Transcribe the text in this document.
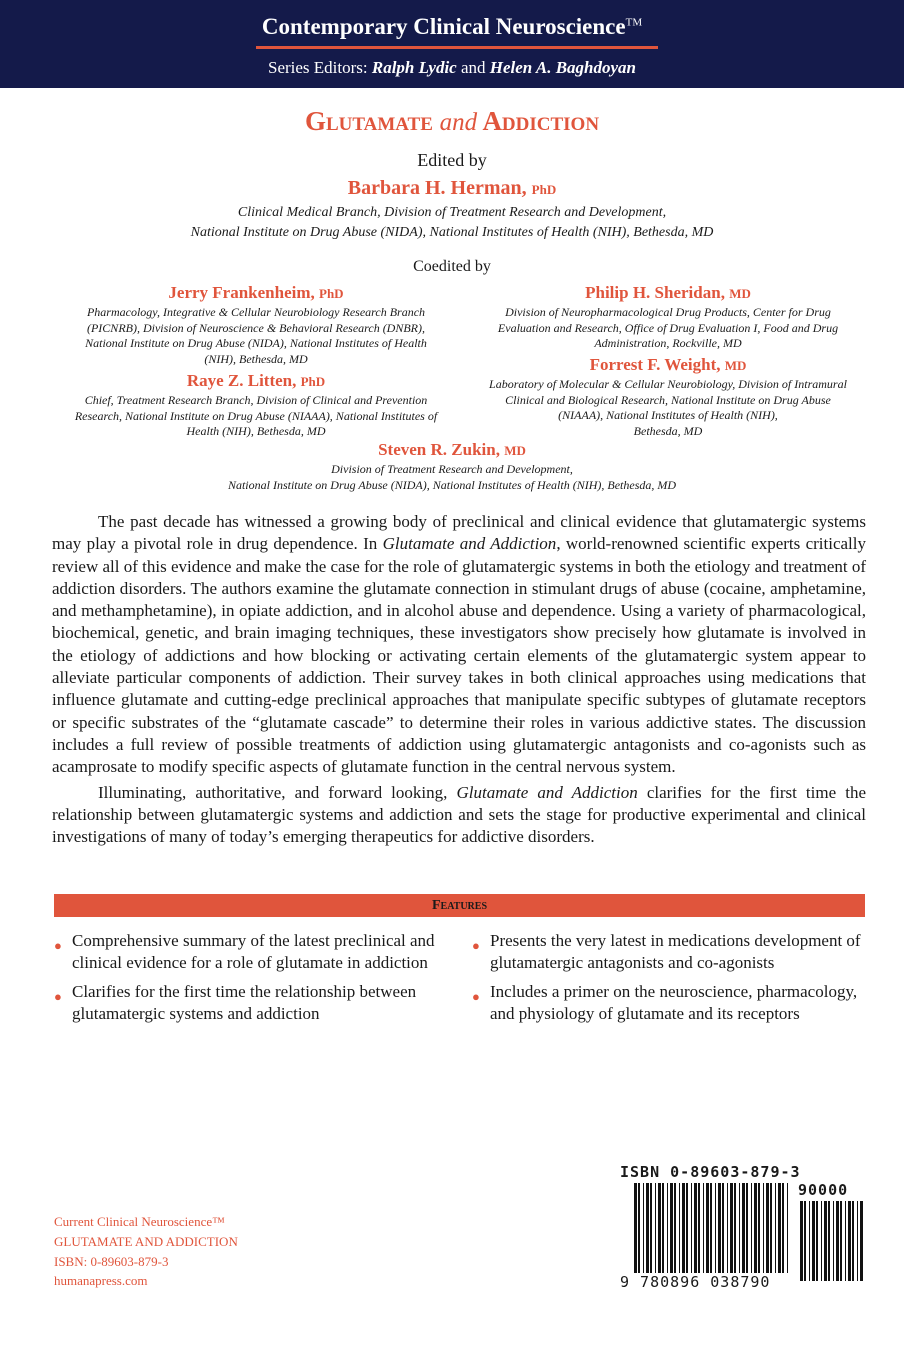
Contemporary Clinical Neuroscience™
Series Editors: Ralph Lydic and Helen A. Baghdoyan
Glutamate and Addiction
Edited by
Barbara H. Herman, PhD
Clinical Medical Branch, Division of Treatment Research and Development,
National Institute on Drug Abuse (NIDA), National Institutes of Health (NIH), Bethesda, MD
Coedited by
Jerry Frankenheim, PhD
Pharmacology, Integrative & Cellular Neurobiology Research Branch
(PICNRB), Division of Neuroscience & Behavioral Research (DNBR),
National Institute on Drug Abuse (NIDA), National Institutes of Health
(NIH), Bethesda, MD
Raye Z. Litten, PhD
Chief, Treatment Research Branch, Division of Clinical and Prevention
Research, National Institute on Drug Abuse (NIAAA), National Institutes of
Health (NIH), Bethesda, MD
Philip H. Sheridan, MD
Division of Neuropharmacological Drug Products, Center for Drug
Evaluation and Research, Office of Drug Evaluation I, Food and Drug
Administration, Rockville, MD
Forrest F. Weight, MD
Laboratory of Molecular & Cellular Neurobiology, Division of Intramural
Clinical and Biological Research, National Institute on Drug Abuse
(NIAAA), National Institutes of Health (NIH),
Bethesda, MD
Steven R. Zukin, MD
Division of Treatment Research and Development,
National Institute on Drug Abuse (NIDA), National Institutes of Health (NIH), Bethesda, MD

The past decade has witnessed a growing body of preclinical and clinical evidence that glutamatergic systems may play a pivotal role in drug dependence. In Glutamate and Addiction, world-renowned scientific experts critically review all of this evidence and make the case for the role of glutamatergic systems in both the etiology and treatment of addiction disorders. The authors examine the glutamate connection in stimulant drugs of abuse (cocaine, amphetamine, and methamphetamine), in opiate addiction, and in alcohol abuse and dependence. Using a variety of pharmacological, biochemical, genetic, and brain imaging techniques, these investigators show precisely how glutamate is involved in the etiology of addictions and how blocking or activating certain elements of the glutamatergic system appear to alleviate particular components of addiction. Their survey takes in both clinical approaches using medications that influence glutamate and cutting-edge preclinical approaches that manipulate specific subtypes of glutamate receptors or specific substrates of the “glutamate cascade” to determine their roles in various addictive states. The discussion includes a full review of possible treatments of addiction using glutamatergic antagonists and co-agonists such as acamprosate to modify specific aspects of glutamate function in the central nervous system.

Illuminating, authoritative, and forward looking, Glutamate and Addiction clarifies for the first time the relationship between glutamatergic systems and addiction and sets the stage for productive experimental and clinical investigations of many of today’s emerging therapeutics for addictive disorders.

Features
● Comprehensive summary of the latest preclinical and clinical evidence for a role of glutamate in addiction
● Clarifies for the first time the relationship between glutamatergic systems and addiction
● Presents the very latest in medications development of glutamatergic antagonists and co-agonists
● Includes a primer on the neuroscience, pharmacology, and physiology of glutamate and its receptors
Current Clinical Neuroscience™
GLUTAMATE AND ADDICTION
ISBN: 0-89603-879-3
humanapress.com
ISBN 0-89603-879-3
90000
9 780896 038790
